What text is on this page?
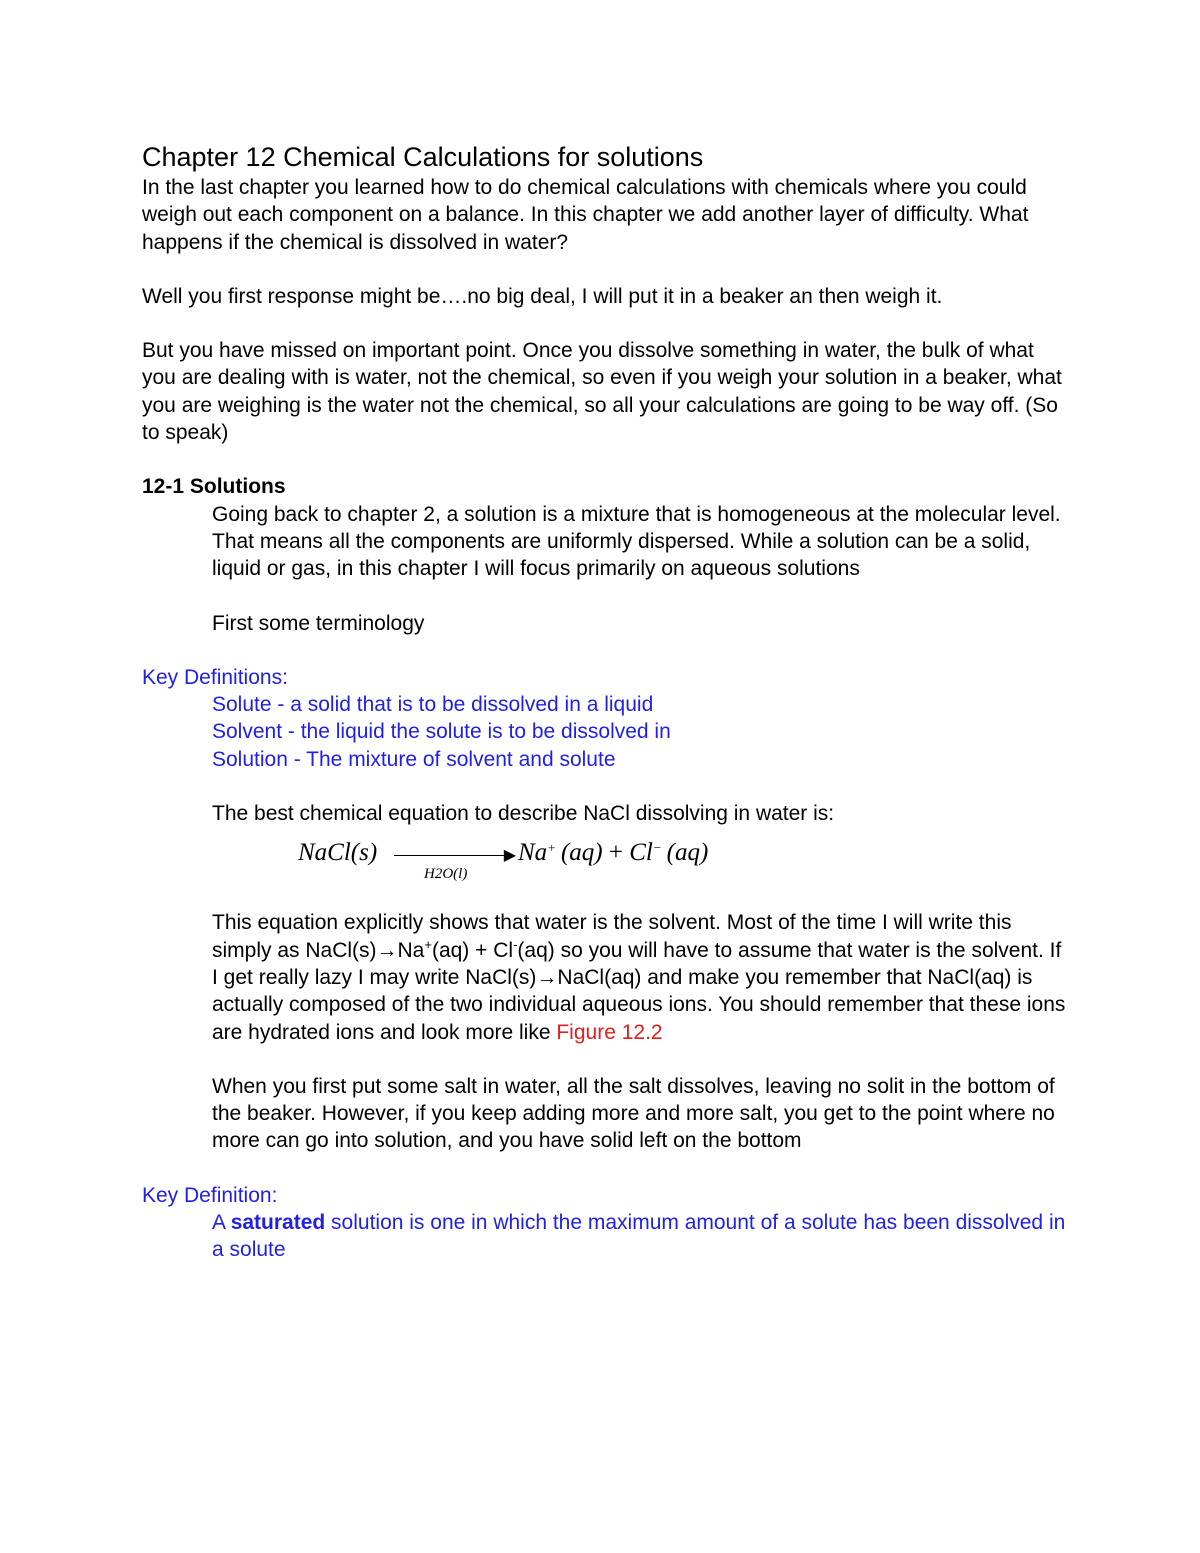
Chapter 12 Chemical Calculations for solutions

In the last chapter you learned how to do chemical calculations with chemicals where you could weigh out each component on a balance. In this chapter we add another layer of difficulty. What happens if the chemical is dissolved in water?

Well you first response might be….no big deal, I will put it in a beaker an then weigh it.

But you have missed on important point. Once you dissolve something in water, the bulk of what you are dealing with is water, not the chemical, so even if you weigh your solution in a beaker, what you are weighing is the water not the chemical, so all your calculations are going to be way off. (So to speak)

12-1 Solutions

Going back to chapter 2, a solution is a mixture that is homogeneous at the molecular level. That means all the components are uniformly dispersed. While a solution can be a solid, liquid or gas, in this chapter I will focus primarily on aqueous solutions

First some terminology

Key Definitions:

Solute - a solid that is to be dissolved in a liquid

Solvent - the liquid the solute is to be dissolved in

Solution - The mixture of solvent and solute

The best chemical equation to describe NaCl dissolving in water is:

NaCl(s)	▶
H2O(l)
Na+  (aq) + Cl−  (aq)

This equation explicitly shows that water is the solvent. Most of the time I will write this simply as NaCl(s)→Na+(aq) + Cl-(aq) so you will have to assume that water is the solvent. If I get really lazy I may write NaCl(s)→NaCl(aq) and make you remember that NaCl(aq) is actually composed of the two individual aqueous ions. You should remember that these ions are hydrated ions and look more like Figure 12.2

When you first put some salt in water, all the salt dissolves, leaving no solit in the bottom of the beaker. However, if you keep adding more and more salt, you get to the point where no more can go into solution, and you have solid left on the bottom

Key Definition:

A saturated solution is one in which the maximum amount of a solute has been dissolved in a solute
